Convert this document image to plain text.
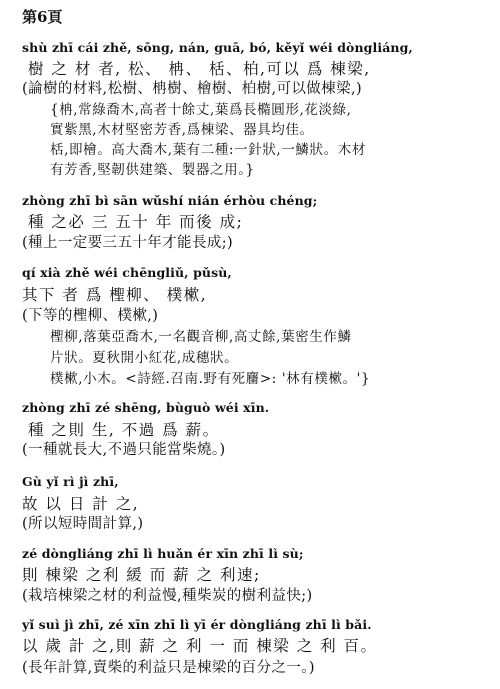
第6頁
shù zhī cái zhě, sōng, nán, guā, bó, kěyǐ wéi dòngliáng,
樹 之 材 者, 松、 柟、 栝、柏,可以 爲 棟梁,
(論樹的材料,松樹、柟樹、檜樹、柏樹,可以做棟梁,)
{柟,常綠喬木,高者十餘丈,葉爲長橢圓形,花淡綠,
實紫黑,木材堅密芳香,爲棟梁、器具均佳。
栝,即檜。高大喬木,葉有二種:一針狀,一鱗狀。木材
有芳香,堅韌供建築、製器之用。}
zhòng zhī bì sān wǔshí nián érhòu chéng;
種 之必 三 五十 年 而後 成;
(種上一定要三五十年才能長成;)
qí xià zhě wéi chēngliǔ, pǔsù,
其下 者 爲 檉柳、 樸樕,
(下等的檉柳、樸樕,)
檉柳,落葉亞喬木,一名觀音柳,高丈餘,葉密生作鱗
片狀。夏秋開小紅花,成穗狀。
樸樕,小木。<詩經.召南.野有死麕>: '林有樸樕。'}
zhòng zhī zé shēng, bùguò wéi xīn.
種 之則 生, 不過 爲 薪。
(一種就長大,不過只能當柴燒。)
Gù yǐ rì jì zhī,
故 以 日 計 之,
(所以短時間計算,)
zé dòngliáng zhī lì huǎn ér xīn zhī lì sù;
則 棟梁 之利 緩 而 薪 之 利速;
(栽培棟梁之材的利益慢,種柴炭的樹利益快;)
yǐ suì jì zhī, zé xīn zhī lì yī ér dòngliáng zhī lì bǎi.
以 歲 計 之,則 薪 之 利 一 而 棟梁 之 利 百。
(長年計算,賣柴的利益只是棟梁的百分之一。)
